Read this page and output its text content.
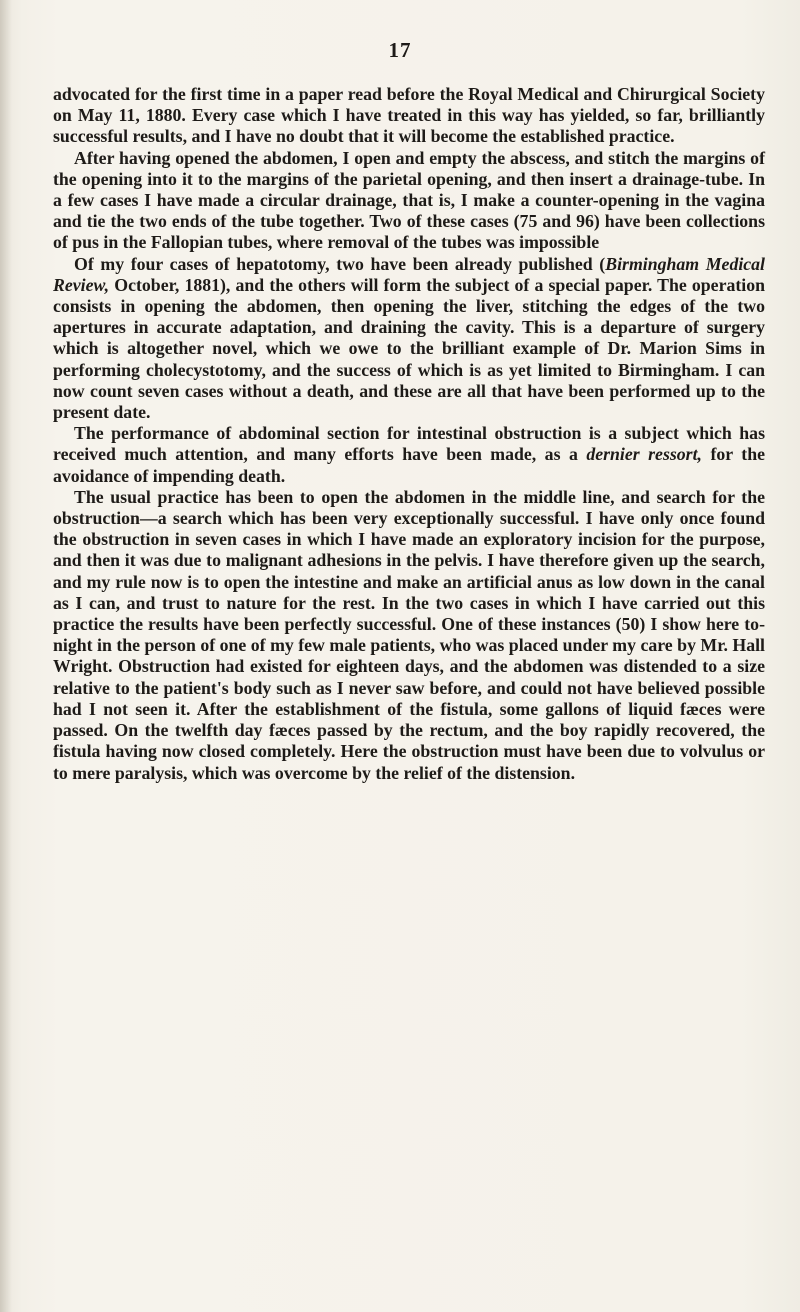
17

advocated for the first time in a paper read before the Royal Medical and Chirurgical Society on May 11, 1880. Every case which I have treated in this way has yielded, so far, brilliantly successful results, and I have no doubt that it will become the established practice.

After having opened the abdomen, I open and empty the abscess, and stitch the margins of the opening into it to the margins of the parietal opening, and then insert a drainage-tube. In a few cases I have made a circular drainage, that is, I make a counter-opening in the vagina and tie the two ends of the tube together. Two of these cases (75 and 96) have been collections of pus in the Fallopian tubes, where removal of the tubes was impossible

Of my four cases of hepatotomy, two have been already published (Birmingham Medical Review, October, 1881), and the others will form the subject of a special paper. The operation consists in opening the abdomen, then opening the liver, stitching the edges of the two apertures in accurate adaptation, and draining the cavity. This is a departure of surgery which is altogether novel, which we owe to the brilliant example of Dr. Marion Sims in performing cholecystotomy, and the success of which is as yet limited to Birmingham. I can now count seven cases without a death, and these are all that have been performed up to the present date.

The performance of abdominal section for intestinal obstruction is a subject which has received much attention, and many efforts have been made, as a dernier ressort, for the avoidance of impending death.

The usual practice has been to open the abdomen in the middle line, and search for the obstruction—a search which has been very exceptionally successful. I have only once found the obstruction in seven cases in which I have made an exploratory incision for the purpose, and then it was due to malignant adhesions in the pelvis. I have therefore given up the search, and my rule now is to open the intestine and make an artificial anus as low down in the canal as I can, and trust to nature for the rest. In the two cases in which I have carried out this practice the results have been perfectly successful. One of these instances (50) I show here to-night in the person of one of my few male patients, who was placed under my care by Mr. Hall Wright. Obstruction had existed for eighteen days, and the abdomen was distended to a size relative to the patient's body such as I never saw before, and could not have believed possible had I not seen it. After the establishment of the fistula, some gallons of liquid fæces were passed. On the twelfth day fæces passed by the rectum, and the boy rapidly recovered, the fistula having now closed completely. Here the obstruction must have been due to volvulus or to mere paralysis, which was overcome by the relief of the distension.
